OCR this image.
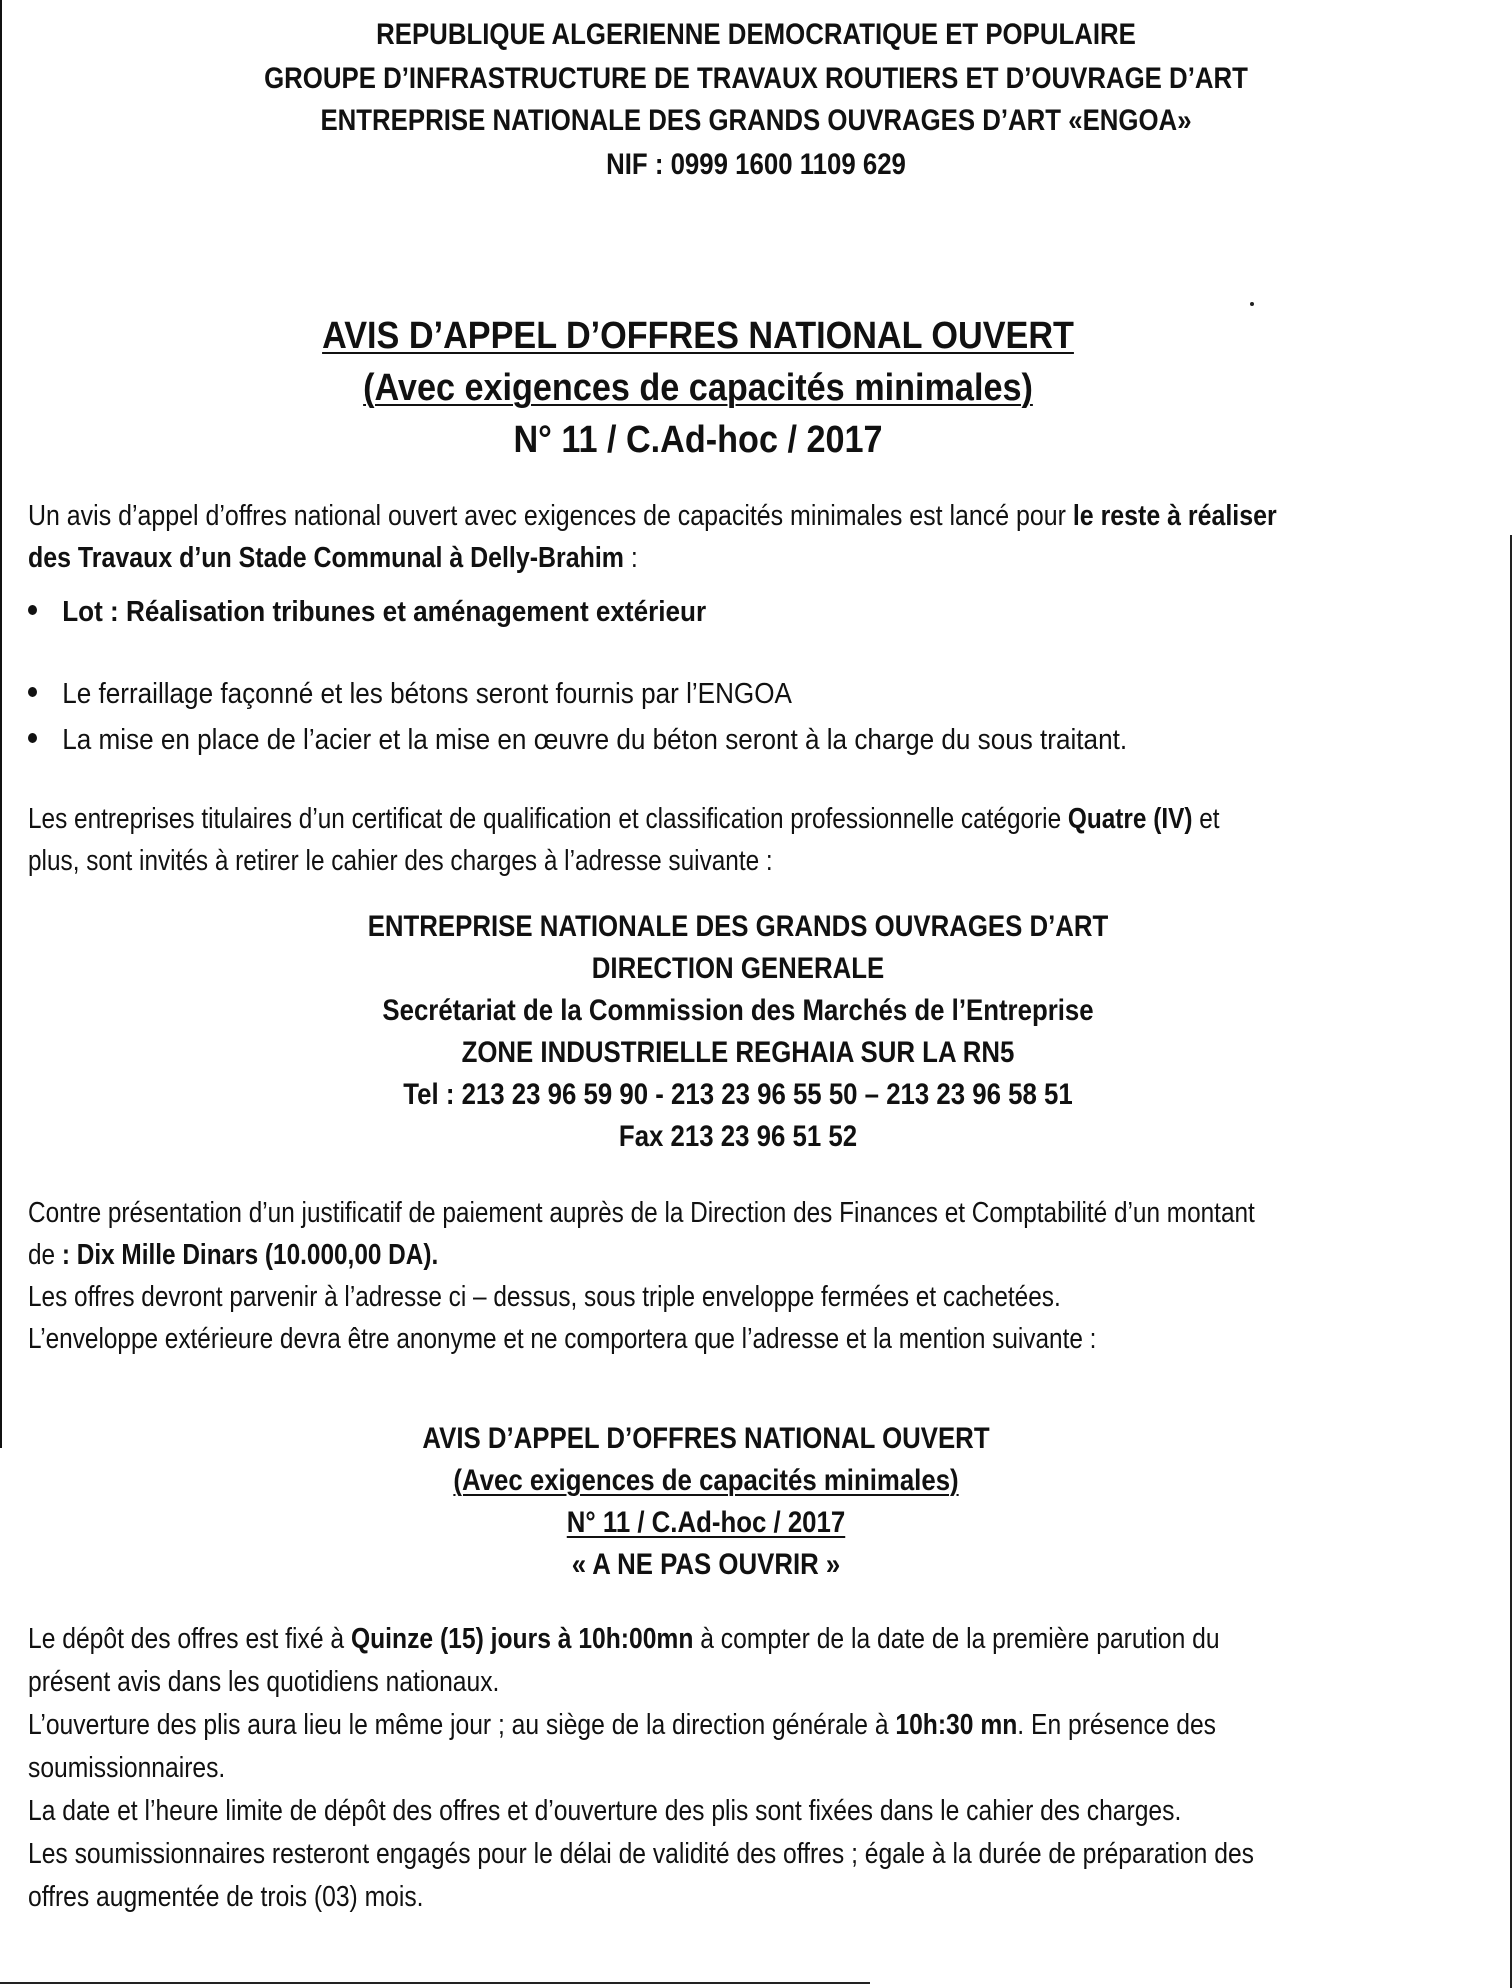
REPUBLIQUE ALGERIENNE DEMOCRATIQUE ET POPULAIRE
GROUPE D’INFRASTRUCTURE DE TRAVAUX ROUTIERS ET D’OUVRAGE D’ART
ENTREPRISE NATIONALE DES GRANDS OUVRAGES D’ART «ENGOA»
NIF : 0999 1600 1109 629
AVIS D’APPEL D’OFFRES NATIONAL OUVERT
(Avec exigences de capacités minimales)
N° 11 / C.Ad-hoc / 2017
Un avis d’appel d’offres national ouvert avec exigences de capacités minimales est lancé pour le reste à réaliser
des Travaux d’un Stade Communal à Delly-Brahim :
Lot : Réalisation tribunes et aménagement extérieur
Le ferraillage façonné et les bétons seront fournis par l’ENGOA
La mise en place de l’acier et la mise en œuvre du béton seront à la charge du sous traitant.
Les entreprises titulaires d’un certificat de qualification et classification professionnelle catégorie Quatre (IV) et
plus, sont invités à retirer le cahier des charges à l’adresse suivante :
ENTREPRISE NATIONALE DES GRANDS OUVRAGES D’ART
DIRECTION GENERALE
Secrétariat de la Commission des Marchés de l’Entreprise
ZONE INDUSTRIELLE REGHAIA SUR LA RN5
Tel : 213 23 96 59 90 - 213 23 96 55 50 – 213 23 96 58 51
Fax 213 23 96 51 52
Contre présentation d’un justificatif de paiement auprès de la Direction des Finances et Comptabilité d’un montant
de : Dix Mille Dinars (10.000,00 DA).
Les offres devront parvenir à l’adresse ci – dessus, sous triple enveloppe fermées et cachetées.
L’enveloppe extérieure devra être anonyme et ne comportera que l’adresse et la mention suivante :
AVIS D’APPEL D’OFFRES NATIONAL OUVERT
(Avec exigences de capacités minimales)
N° 11 / C.Ad-hoc / 2017
« A NE PAS OUVRIR »
Le dépôt des offres est fixé à Quinze (15) jours à 10h:00mn à compter de la date de la première parution du
présent avis dans les quotidiens nationaux.
L’ouverture des plis aura lieu le même jour ; au siège de la direction générale à 10h:30 mn. En présence des
soumissionnaires.
La date et l’heure limite de dépôt des offres et d’ouverture des plis sont fixées dans le cahier des charges.
Les soumissionnaires resteront engagés pour le délai de validité des offres ; égale à la durée de préparation des
offres augmentée de trois (03) mois.
